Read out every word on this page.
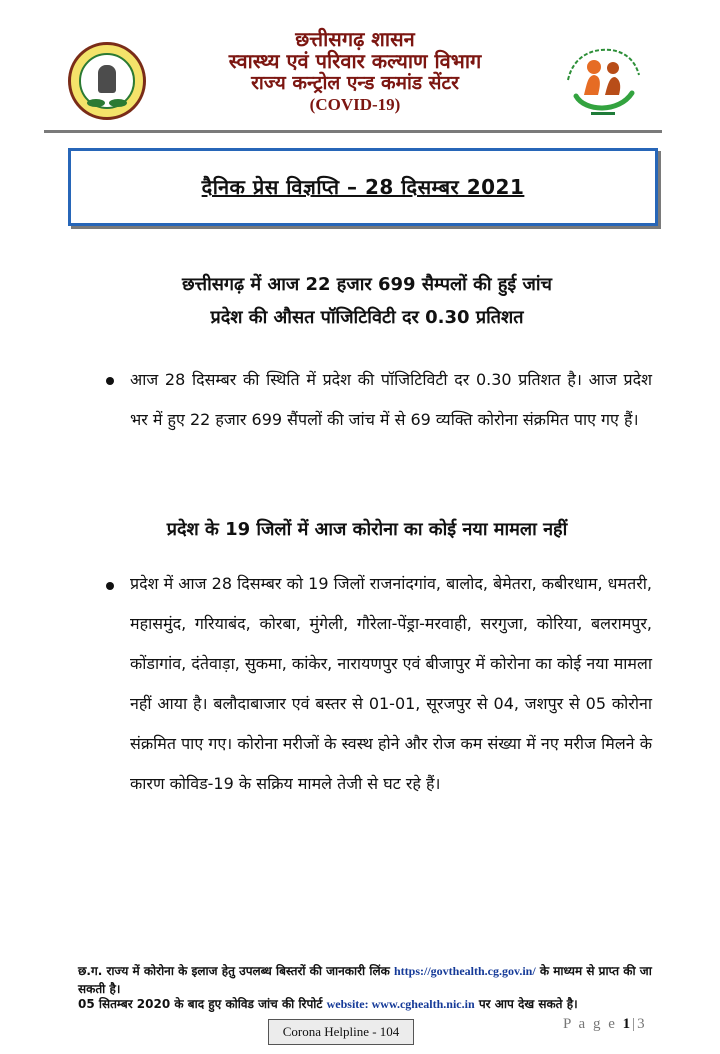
छत्तीसगढ़ शासन
स्वास्थ्य एवं परिवार कल्याण विभाग
राज्य कन्ट्रोल एन्ड कमांड सेंटर
(COVID-19)
दैनिक प्रेस विज्ञप्ति – 28 दिसम्बर 2021
छत्तीसगढ़ में आज 22 हजार 699 सैम्पलों की हुई जांच
प्रदेश की औसत पॉजिटिविटी दर 0.30 प्रतिशत
आज 28 दिसम्बर की स्थिति में प्रदेश की पॉजिटिविटी दर 0.30 प्रतिशत है। आज प्रदेश भर में हुए 22 हजार 699 सैंपलों की जांच में से 69 व्यक्ति कोरोना संक्रमित पाए गए हैं।
प्रदेश के 19 जिलों में आज कोरोना का कोई नया मामला नहीं
प्रदेश में आज 28 दिसम्बर को 19 जिलों राजनांदगांव, बालोद, बेमेतरा, कबीरधाम, धमतरी, महासमुंद, गरियाबंद, कोरबा, मुंगेली, गौरेला-पेंड्रा-मरवाही, सरगुजा, कोरिया, बलरामपुर, कोंडागांव, दंतेवाड़ा, सुकमा, कांकेर, नारायणपुर एवं बीजापुर में कोरोना का कोई नया मामला नहीं आया है। बलौदाबाजार एवं बस्तर से 01-01, सूरजपुर से 04, जशपुर से 05 कोरोना संक्रमित पाए गए। कोरोना मरीजों के स्वस्थ होने और रोज कम संख्या में नए मरीज मिलने के कारण कोविड-19 के सक्रिय मामले तेजी से घट रहे हैं।
छ.ग. राज्य में कोरोना के इलाज हेतु उपलब्ध बिस्तरों की जानकारी लिंक https://govthealth.cg.gov.in/ के माध्यम से प्राप्त की जा सकती है।
05 सितम्बर 2020 के बाद हुए कोविड जांच की रिपोर्ट website: www.cghealth.nic.in पर आप देख सकते है।
Corona Helpline - 104	P a g e 1|3
